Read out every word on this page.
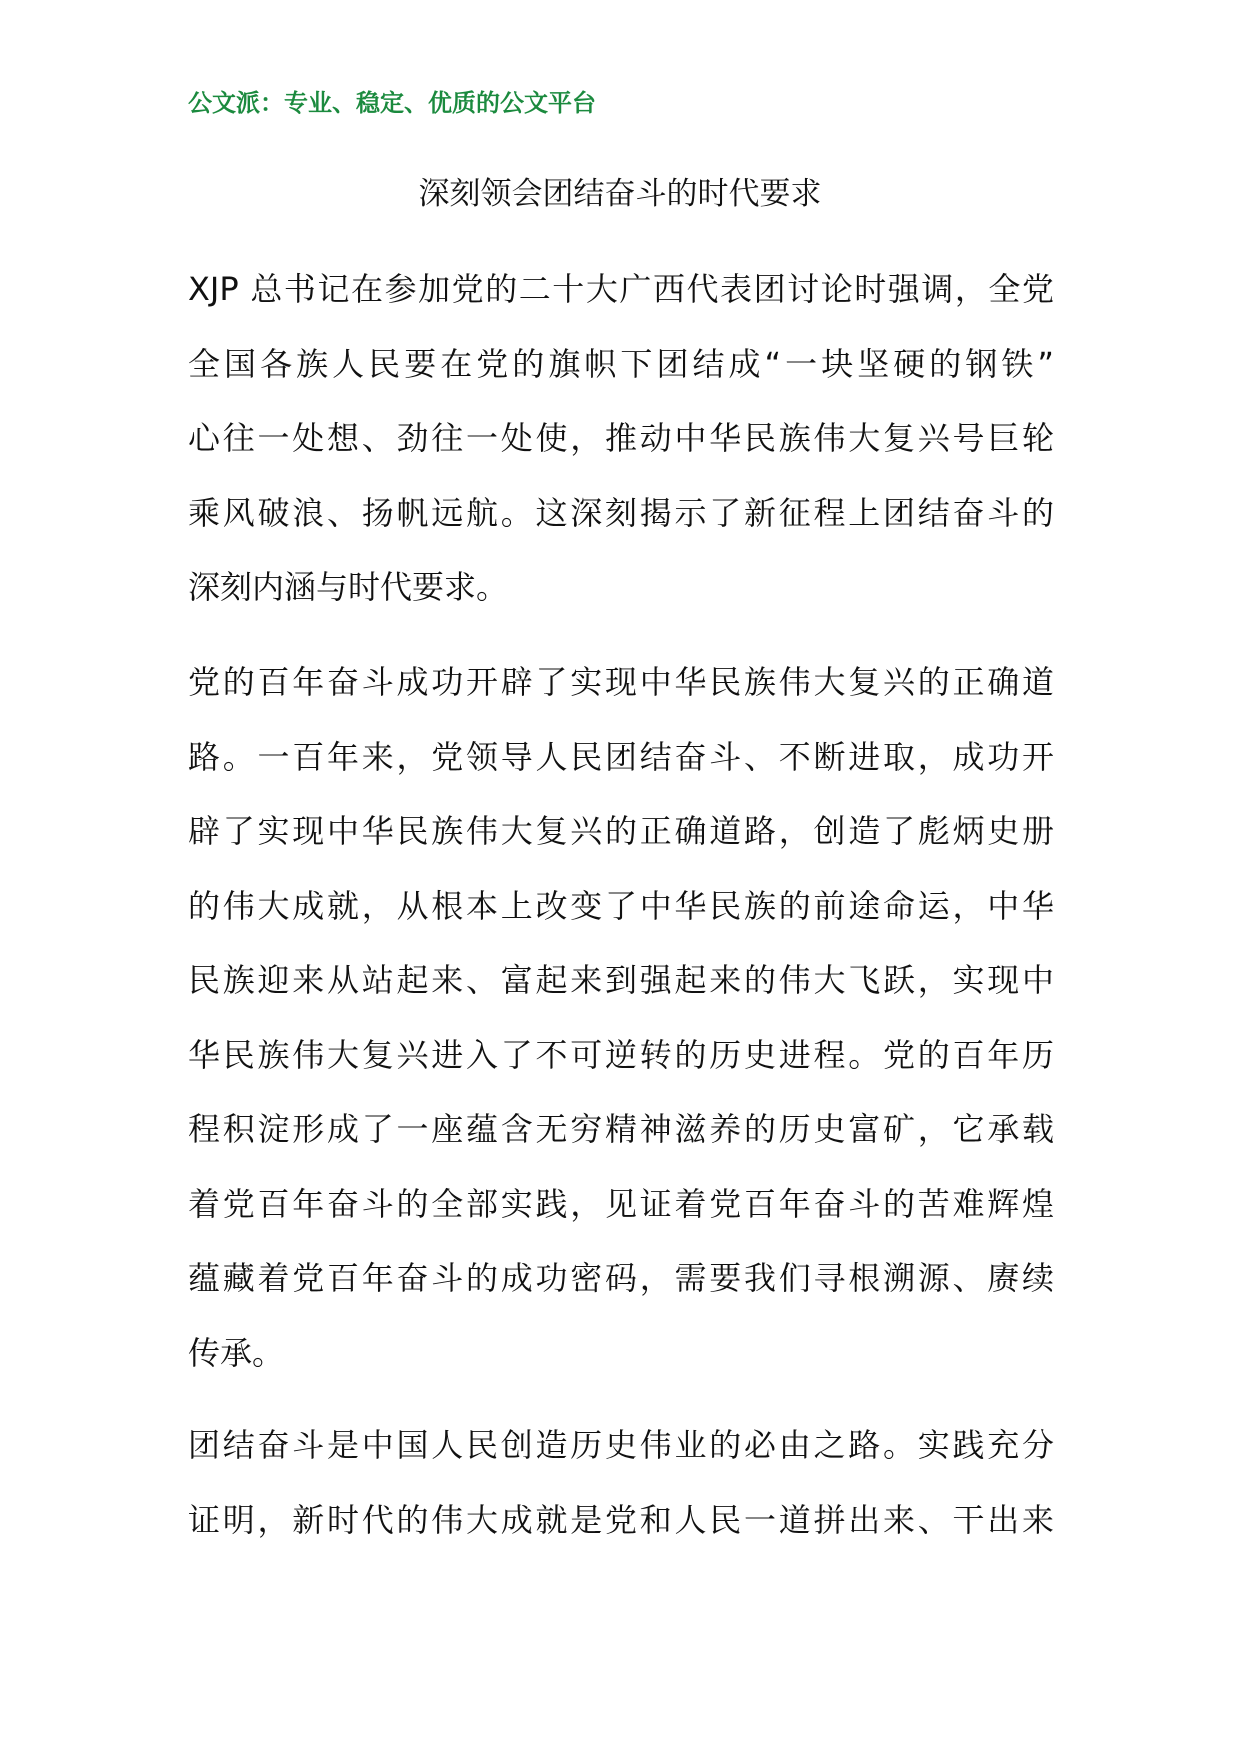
公文派：专业、稳定、优质的公文平台
深刻领会团结奋斗的时代要求
XJP 总书记在参加党的二十大广西代表团讨论时强调，全党
全国各族人民要在党的旗帜下团结成“一块坚硬的钢铁”
心往一处想、劲往一处使，推动中华民族伟大复兴号巨轮
乘风破浪、扬帆远航。这深刻揭示了新征程上团结奋斗的
深刻内涵与时代要求。
党的百年奋斗成功开辟了实现中华民族伟大复兴的正确道
路。一百年来，党领导人民团结奋斗、不断进取，成功开
辟了实现中华民族伟大复兴的正确道路，创造了彪炳史册
的伟大成就，从根本上改变了中华民族的前途命运，中华
民族迎来从站起来、富起来到强起来的伟大飞跃，实现中
华民族伟大复兴进入了不可逆转的历史进程。党的百年历
程积淀形成了一座蕴含无穷精神滋养的历史富矿，它承载
着党百年奋斗的全部实践，见证着党百年奋斗的苦难辉煌
蕴藏着党百年奋斗的成功密码，需要我们寻根溯源、赓续
传承。
团结奋斗是中国人民创造历史伟业的必由之路。实践充分
证明，新时代的伟大成就是党和人民一道拼出来、干出来
